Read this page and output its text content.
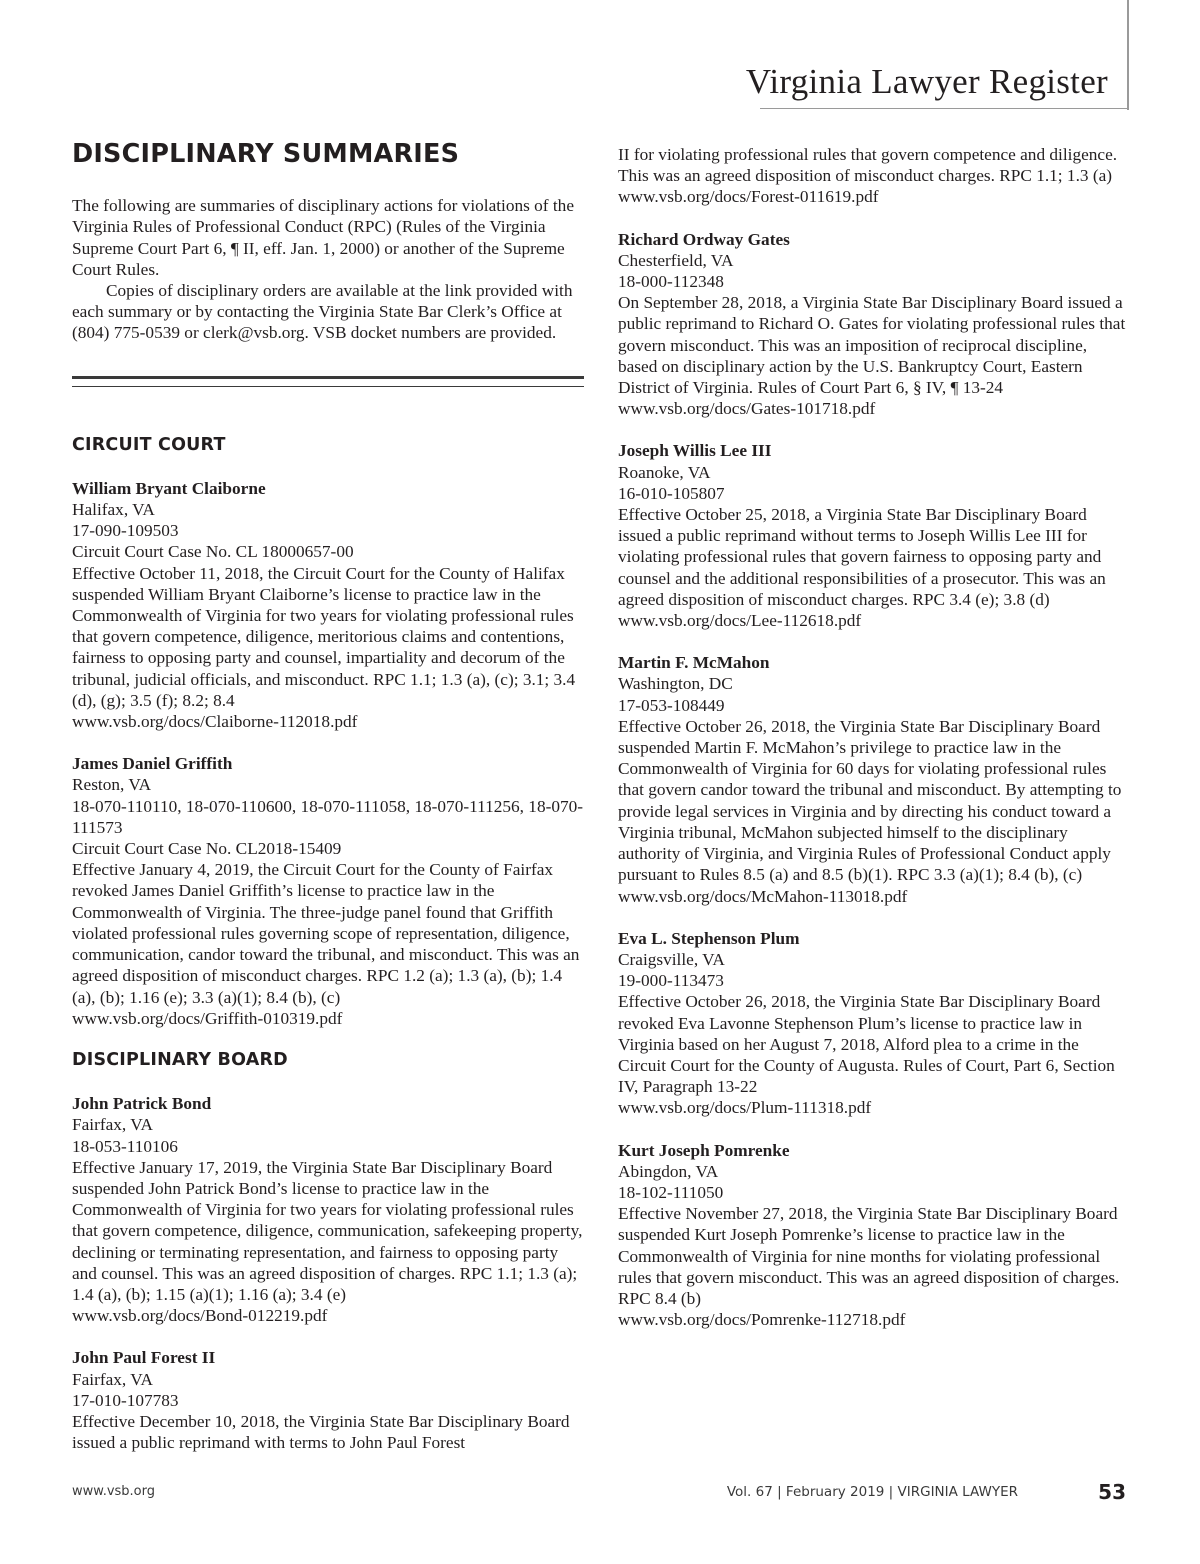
Virginia Lawyer Register
DISCIPLINARY SUMMARIES

The following are summaries of disciplinary actions for violations of the Virginia Rules of Professional Conduct (RPC) (Rules of the Virginia Supreme Court Part 6, ¶ II, eff. Jan. 1, 2000) or another of the Supreme Court Rules.

Copies of disciplinary orders are available at the link provided with each summary or by contacting the Virginia State Bar Clerk’s Office at (804) 775-0539 or clerk@vsb.org. VSB docket numbers are provided.

CIRCUIT COURT
William Bryant Claiborne
Halifax, VA
17-090-109503
Circuit Court Case No. CL 18000657-00
Effective October 11, 2018, the Circuit Court for the County of Halifax suspended William Bryant Claiborne’s license to practice law in the Commonwealth of Virginia for two years for violating professional rules that govern competence, diligence, meritorious claims and contentions, fairness to opposing party and counsel, impartiality and decorum of the tribunal, judicial officials, and misconduct. RPC 1.1; 1.3 (a), (c); 3.1; 3.4 (d), (g); 3.5 (f); 8.2; 8.4
www.vsb.org/docs/Claiborne-112018.pdf
James Daniel Griffith
Reston, VA
18-070-110110, 18-070-110600, 18-070-111058, 18-070-111256, 18-070-111573
Circuit Court Case No. CL2018-15409
Effective January 4, 2019, the Circuit Court for the County of Fairfax revoked James Daniel Griffith’s license to practice law in the Commonwealth of Virginia. The three-judge panel found that Griffith violated professional rules governing scope of representation, diligence, communication, candor toward the tribunal, and misconduct. This was an agreed disposition of misconduct charges. RPC 1.2 (a); 1.3 (a), (b); 1.4 (a), (b); 1.16 (e); 3.3 (a)(1); 8.4 (b), (c)
www.vsb.org/docs/Griffith-010319.pdf
DISCIPLINARY BOARD
John Patrick Bond
Fairfax, VA
18-053-110106
Effective January 17, 2019, the Virginia State Bar Disciplinary Board suspended John Patrick Bond’s license to practice law in the Commonwealth of Virginia for two years for violating professional rules that govern competence, diligence, communication, safekeeping property, declining or terminating representation, and fairness to opposing party and counsel. This was an agreed disposition of charges. RPC 1.1; 1.3 (a); 1.4 (a), (b); 1.15 (a)(1); 1.16 (a); 3.4 (e)
www.vsb.org/docs/Bond-012219.pdf
John Paul Forest II
Fairfax, VA
17-010-107783
Effective December 10, 2018, the Virginia State Bar Disciplinary Board issued a public reprimand with terms to John Paul Forest
II for violating professional rules that govern competence and diligence. This was an agreed disposition of misconduct charges. RPC 1.1; 1.3 (a)
www.vsb.org/docs/Forest-011619.pdf
Richard Ordway Gates
Chesterfield, VA
18-000-112348
On September 28, 2018, a Virginia State Bar Disciplinary Board issued a public reprimand to Richard O. Gates for violating professional rules that govern misconduct. This was an imposition of reciprocal discipline, based on disciplinary action by the U.S. Bankruptcy Court, Eastern District of Virginia. Rules of Court Part 6, § IV, ¶ 13-24
www.vsb.org/docs/Gates-101718.pdf
Joseph Willis Lee III
Roanoke, VA
16-010-105807
Effective October 25, 2018, a Virginia State Bar Disciplinary Board issued a public reprimand without terms to Joseph Willis Lee III for violating professional rules that govern fairness to opposing party and counsel and the additional responsibilities of a prosecutor. This was an agreed disposition of misconduct charges. RPC 3.4 (e); 3.8 (d)
www.vsb.org/docs/Lee-112618.pdf
Martin F. McMahon
Washington, DC
17-053-108449
Effective October 26, 2018, the Virginia State Bar Disciplinary Board suspended Martin F. McMahon’s privilege to practice law in the Commonwealth of Virginia for 60 days for violating professional rules that govern candor toward the tribunal and misconduct. By attempting to provide legal services in Virginia and by directing his conduct toward a Virginia tribunal, McMahon subjected himself to the disciplinary authority of Virginia, and Virginia Rules of Professional Conduct apply pursuant to Rules 8.5 (a) and 8.5 (b)(1). RPC 3.3 (a)(1); 8.4 (b), (c)
www.vsb.org/docs/McMahon-113018.pdf
Eva L. Stephenson Plum
Craigsville, VA
19-000-113473
Effective October 26, 2018, the Virginia State Bar Disciplinary Board revoked Eva Lavonne Stephenson Plum’s license to practice law in Virginia based on her August 7, 2018, Alford plea to a crime in the Circuit Court for the County of Augusta. Rules of Court, Part 6, Section IV, Paragraph 13-22
www.vsb.org/docs/Plum-111318.pdf
Kurt Joseph Pomrenke
Abingdon, VA
18-102-111050
Effective November 27, 2018, the Virginia State Bar Disciplinary Board suspended Kurt Joseph Pomrenke’s license to practice law in the Commonwealth of Virginia for nine months for violating professional rules that govern misconduct. This was an agreed disposition of charges. RPC 8.4 (b)
www.vsb.org/docs/Pomrenke-112718.pdf
www.vsb.org	Vol. 67 | February 2019 | VIRGINIA LAWYER	53
